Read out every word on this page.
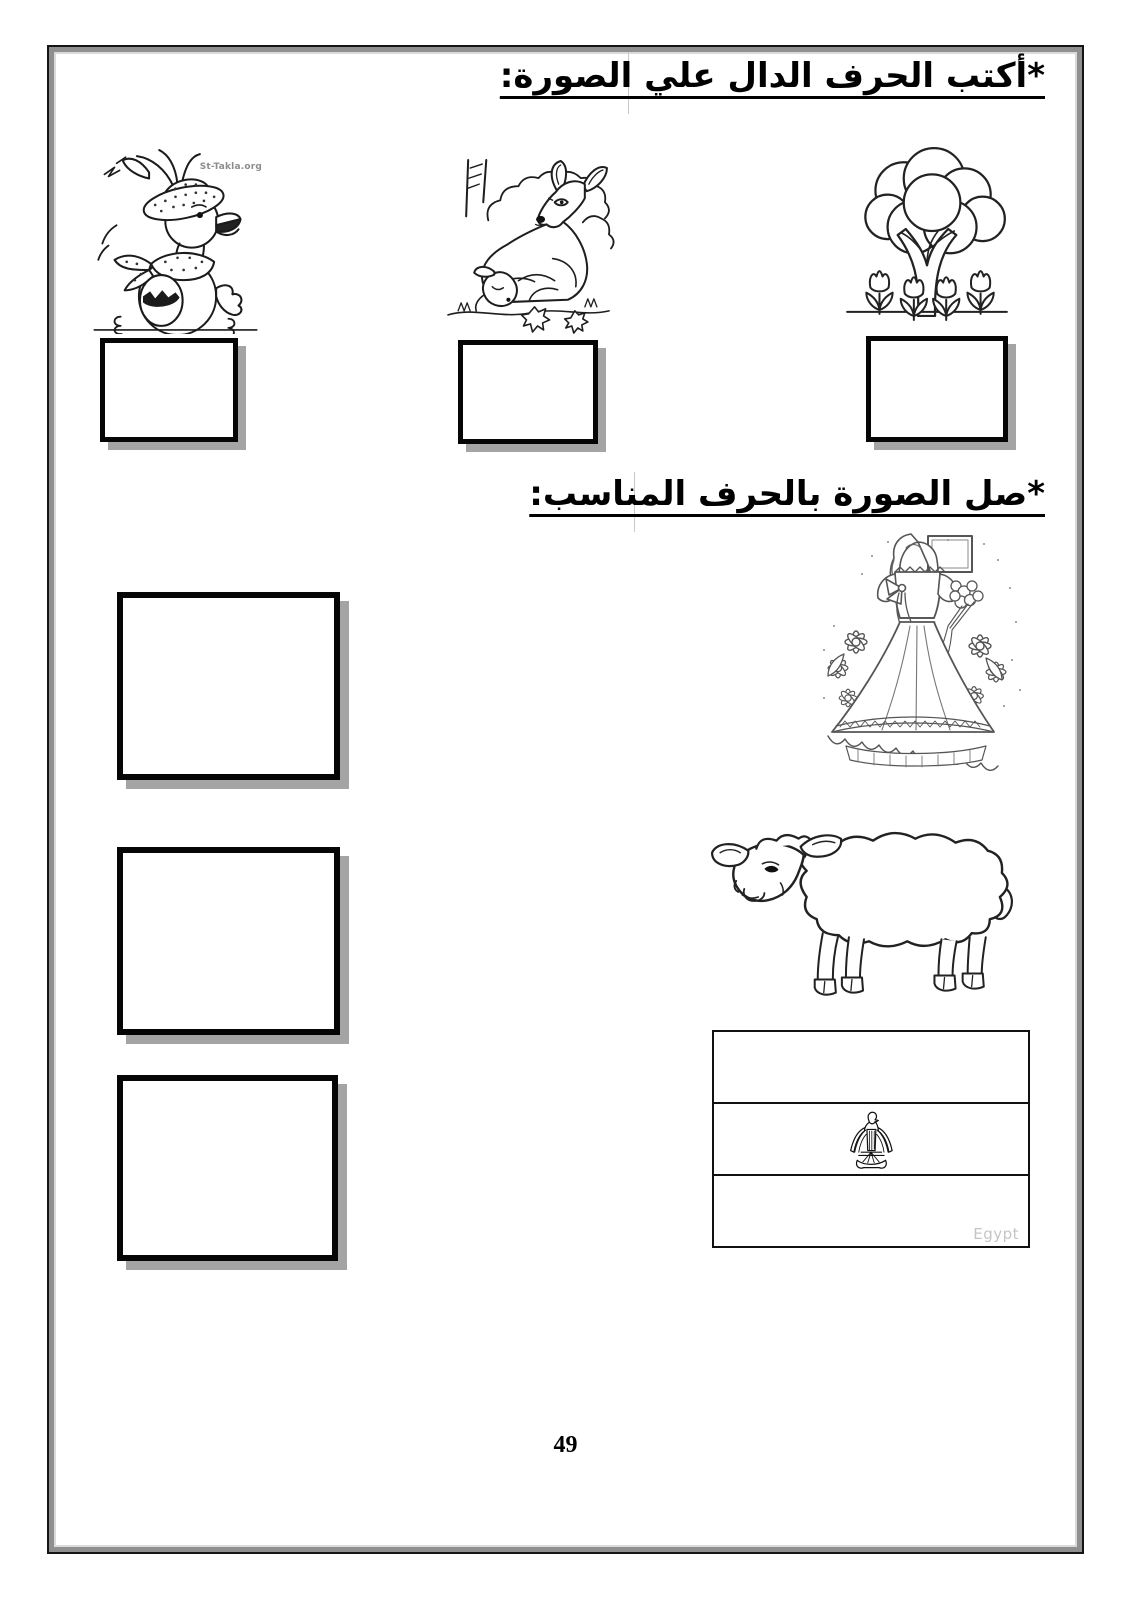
*أكتب الحرف الدال علي الصورة:
St-Takla.org
*صل الصورة بالحرف المناسب:
Egypt
49
